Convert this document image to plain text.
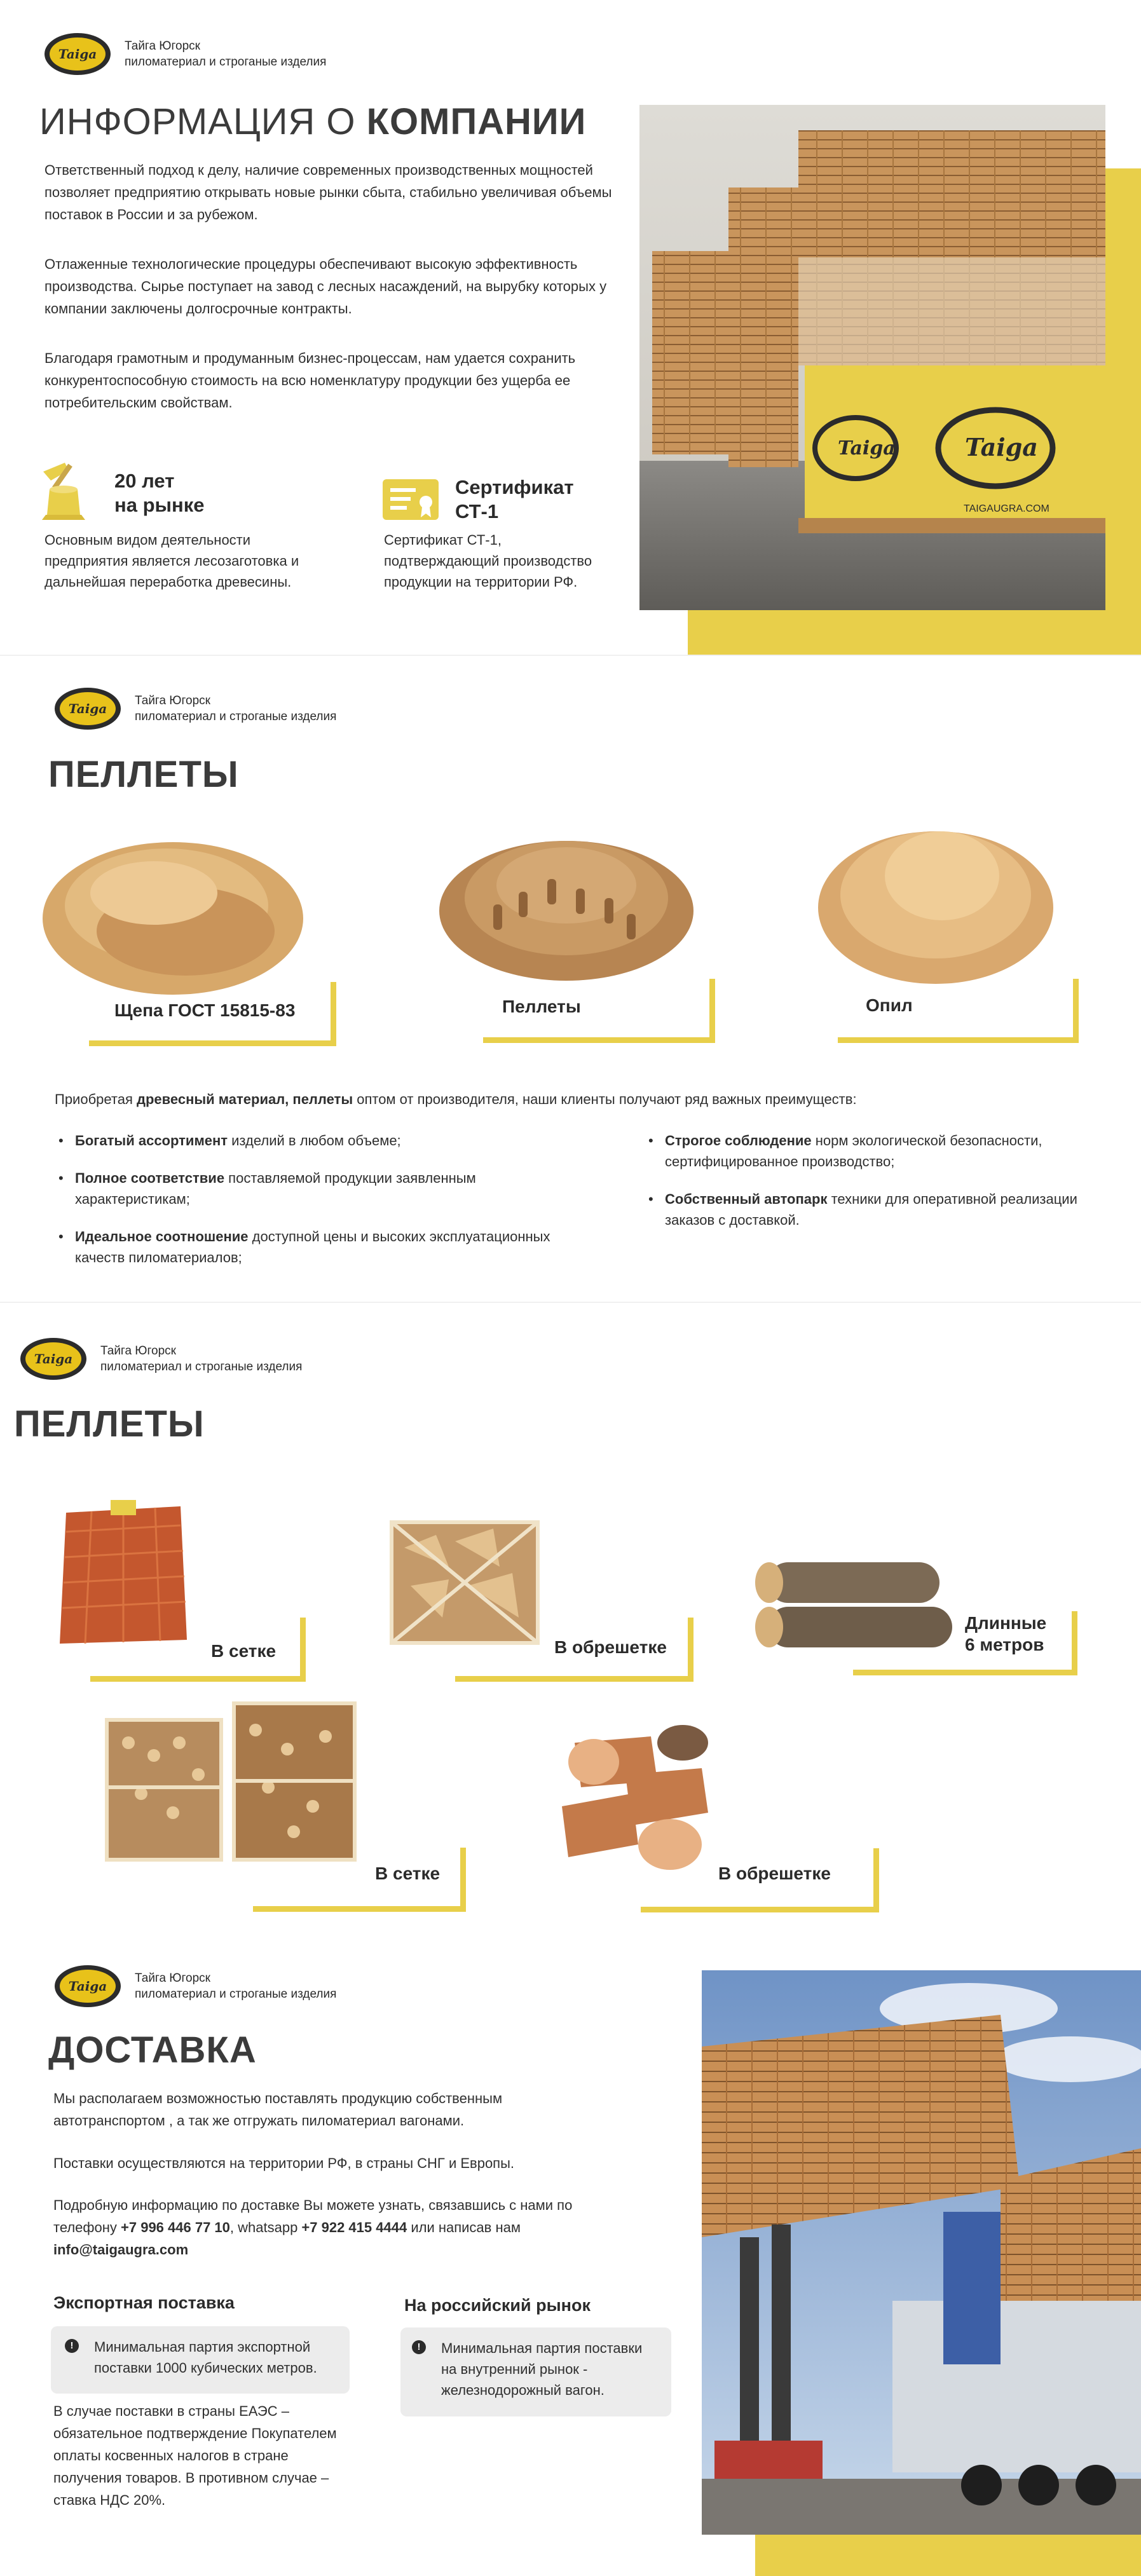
Taiga
Тайга Югорск
пиломатериал и строганые изделия
ИНФОРМАЦИЯ О КОМПАНИИ
Ответственный подход к делу, наличие современных производственных мощностей позволяет предприятию открывать новые рынки сбыта, стабильно увеличивая объемы поставок в России и за рубежом.
Отлаженные технологические процедуры обеспечивают высокую эффективность производства. Сырье поступает на завод с лесных насаждений, на вырубку которых у компании заключены долгосрочные контракты.
Благодаря грамотным и продуманным бизнес-процессам, нам удается сохранить конкурентоспособную стоимость на всю номенклатуру продукции без ущерба ее потребительским свойствам.
20 лет
на рынке
Основным видом деятельности предприятия является лесозаготовка и дальнейшая переработка древесины.
Сертификат
СТ-1
Сертификат СТ-1, подтверждающий производство продукции на территории РФ.
Taiga	Taiga
TAIGAUGRA.COM
Taiga
Тайга Югорск
пиломатериал и строганые изделия
ПЕЛЛЕТЫ
Щепа ГОСТ 15815-83	Пеллеты	Опил
Приобретая древесный материал, пеллеты оптом от производителя, наши клиенты получают ряд важных преимуществ:
• Богатый ассортимент изделий в любом объеме;
• Полное соответствие поставляемой продукции заявленным характеристикам;
• Идеальное соотношение доступной цены и высоких эксплуатационных качеств пиломатериалов;
• Строгое соблюдение норм экологической безопасности, сертифицированное производство;
• Собственный автопарк техники для оперативной реализации заказов с доставкой.
Taiga
Тайга Югорск
пиломатериал и строганые изделия
ПЕЛЛЕТЫ
В сетке	В обрешетке
Длинные
6 метров
В сетке	В обрешетке
Taiga
Тайга Югорск
пиломатериал и строганые изделия
ДОСТАВКА
Мы располагаем возможностью поставлять продукцию собственным автотранспортом , а так же отгружать пиломатериал вагонами.
Поставки осуществляются на территории РФ, в страны СНГ и Европы.
Подробную информацию по доставке Вы можете узнать, связавшись с нами по телефону +7 996 446 77 10, whatsapp +7 922 415 4444 или написав нам
info@taigaugra.com
Экспортная поставка
!	Минимальная партия экспортной поставки 1000 кубических метров.
В случае поставки в страны ЕАЭС – обязательное подтверждение Покупателем оплаты косвенных налогов в стране получения товаров. В противном случае – ставка НДС 20%.
На российский рынок
!	Минимальная партия поставки на внутренний рынок - железнодорожный вагон.
